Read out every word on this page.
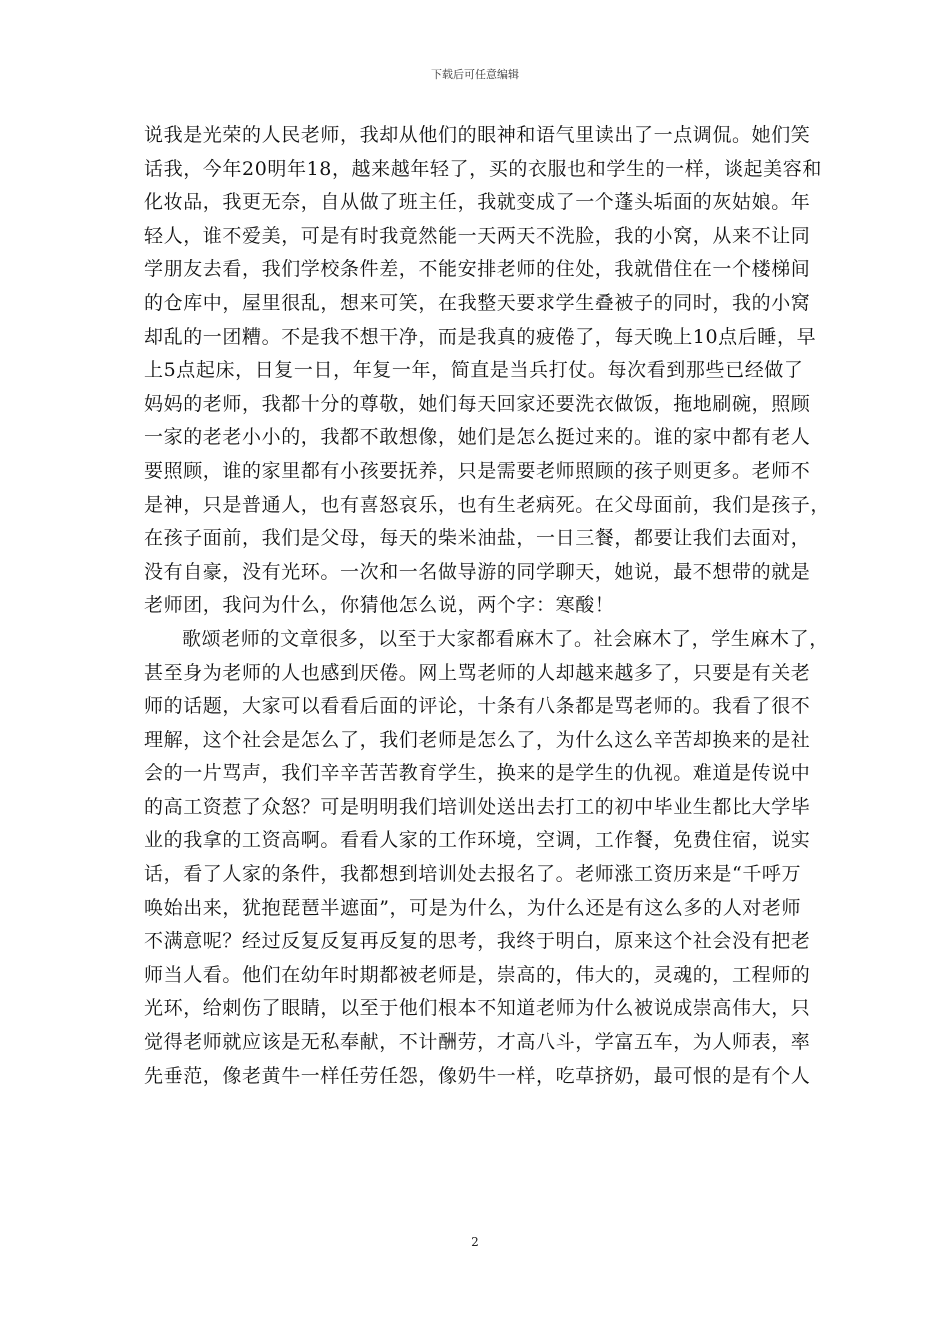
下载后可任意编辑
说我是光荣的人民老师，我却从他们的眼神和语气里读出了一点调侃。她们笑
话我，今年20明年18，越来越年轻了，买的衣服也和学生的一样，谈起美容和
化妆品，我更无奈，自从做了班主任，我就变成了一个蓬头垢面的灰姑娘。年
轻人，谁不爱美，可是有时我竟然能一天两天不洗脸，我的小窝，从来不让同
学朋友去看，我们学校条件差，不能安排老师的住处，我就借住在一个楼梯间
的仓库中，屋里很乱，想来可笑，在我整天要求学生叠被子的同时，我的小窝
却乱的一团糟。不是我不想干净，而是我真的疲倦了，每天晚上10点后睡，早
上5点起床，日复一日，年复一年，简直是当兵打仗。每次看到那些已经做了
妈妈的老师，我都十分的尊敬，她们每天回家还要洗衣做饭，拖地刷碗，照顾
一家的老老小小的，我都不敢想像，她们是怎么挺过来的。谁的家中都有老人
要照顾，谁的家里都有小孩要抚养，只是需要老师照顾的孩子则更多。老师不
是神，只是普通人，也有喜怒哀乐，也有生老病死。在父母面前，我们是孩子，
在孩子面前，我们是父母，每天的柴米油盐，一日三餐，都要让我们去面对，
没有自豪，没有光环。一次和一名做导游的同学聊天，她说，最不想带的就是
老师团，我问为什么，你猜他怎么说，两个字：寒酸！
歌颂老师的文章很多，以至于大家都看麻木了。社会麻木了，学生麻木了，
甚至身为老师的人也感到厌倦。网上骂老师的人却越来越多了，只要是有关老
师的话题，大家可以看看后面的评论，十条有八条都是骂老师的。我看了很不
理解，这个社会是怎么了，我们老师是怎么了，为什么这么辛苦却换来的是社
会的一片骂声，我们辛辛苦苦教育学生，换来的是学生的仇视。难道是传说中
的高工资惹了众怒？可是明明我们培训处送出去打工的初中毕业生都比大学毕
业的我拿的工资高啊。看看人家的工作环境，空调，工作餐，免费住宿，说实
话，看了人家的条件，我都想到培训处去报名了。老师涨工资历来是“千呼万
唤始出来，犹抱琵琶半遮面”，可是为什么，为什么还是有这么多的人对老师
不满意呢？经过反复反复再反复的思考，我终于明白，原来这个社会没有把老
师当人看。他们在幼年时期都被老师是，崇高的，伟大的，灵魂的，工程师的
光环，给刺伤了眼睛，以至于他们根本不知道老师为什么被说成崇高伟大，只
觉得老师就应该是无私奉献，不计酬劳，才高八斗，学富五车，为人师表，率
先垂范，像老黄牛一样任劳任怨，像奶牛一样，吃草挤奶，最可恨的是有个人
2
